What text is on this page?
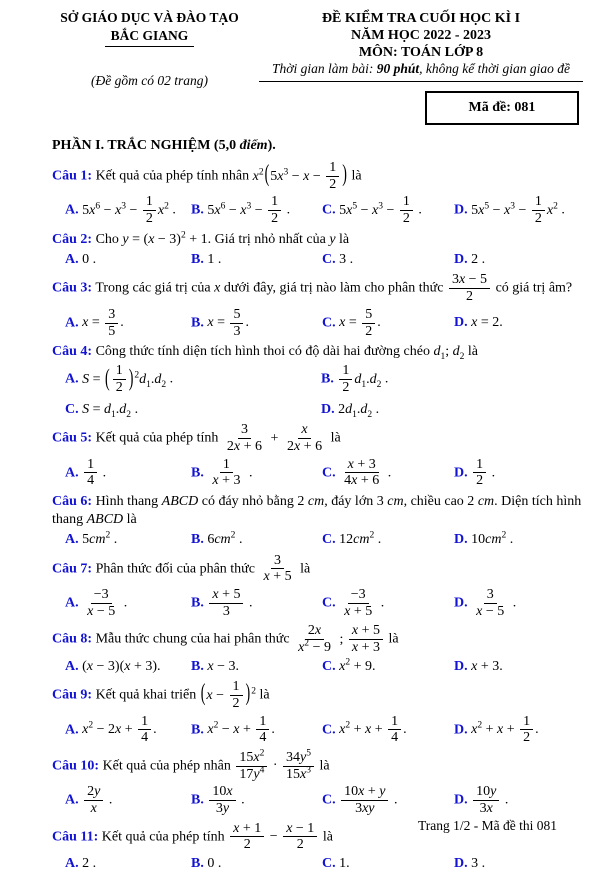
SỞ GIÁO DỤC VÀ ĐÀO TẠO
BẮC GIANG
(Đề gồm có 02 trang)
ĐỀ KIỂM TRA CUỐI HỌC KÌ I
NĂM HỌC 2022 - 2023
MÔN: TOÁN LỚP 8
Thời gian làm bài: 90 phút, không kể thời gian giao đề
Mã đề: 081
PHẦN I. TRẮC NGHIỆM (5,0 điểm).
Câu 1: Kết quả của phép tính nhân $x^2(5x^3 - x - \frac{1}{2}$ ) là
A. $5x^6 - x^3 - \frac{1}{2} x^2$ .	B. $5x^6 - x^3 - \frac{1}{2}$ .	C. $5x^5 - x^3 - \frac{1}{2}$ .	D. $5x^5 - x^3 - \frac{1}{2} x^2$ .
Câu 2: Cho $y = (x - 3)^2 + 1$. Giá trị nhỏ nhất của y là
A. 0 .	B. 1 .	C. 3 .	D. 2 .
Câu 3: Trong các giá trị của x dưới đây, giá trị nào làm cho phân thức $\frac{3x - 5}{2}$ có giá trị âm?
A. $x = \frac{3}{5}$ .	B. $x = \frac{5}{3}$ .	C. $x = \frac{5}{2}$ .	D. x = 2.
Câu 4: Công thức tính diện tích hình thoi có độ dài hai đường chéo $d_1$; $d_2$ là
A. S = ( $\frac{1}{2} )^2d_1.d_2$ .	B. $\frac{1}{2} d_1.d_2$ .
C. $S = d_1.d_2$ .	D. $2d_1.d_2$ .
Câu 5: Kết quả của phép tính $\frac{3}{2x + 6} + \frac{x}{2x + 6}$ là
A. $\frac{1}{4}$ .	B. $\frac{1}{x + 3}$ .	C. $\frac{x + 3}{4x + 6}$ .	D. $\frac{1}{2}$ .
Câu 6: Hình thang ABCD có đáy nhỏ bằng 2 cm, đáy lớn 3 cm, chiều cao 2 cm. Diện tích hình thang ABCD là
A. $5cm^2$ .	B. $6cm^2$ .	C. $12cm^2$ .	D. $10cm^2$ .
Câu 7: Phân thức đối của phân thức $\frac{3}{x + 5}$ là
A. $\frac{-3}{x - 5}$ .	B. $\frac{x + 5}{3}$ .	C. $\frac{-3}{x + 5}$ .	D. $\frac{3}{x - 5}$ .
Câu 8: Mẫu thức chung của hai phân thức $\frac{2x}{x^2 - 9}$ ; $\frac{x + 5}{x + 3}$ là
A. (x − 3)(x + 3).	B. x − 3.	C. $x^2 + 9$.	D. x + 3.
Câu 9: Kết quả khai triển $(x - \frac{1}{2} )^2$ là
A. $x^2 - 2x + \frac{1}{4}$ .	B. $x^2 - x + \frac{1}{4}$ .	C. $x^2 + x + \frac{1}{4}$ .	D. $x^2 + x + \frac{1}{2}$ .
Câu 10: Kết quả của phép nhân $\frac{15x^2}{17y^4} \cdot \frac{34y^5}{15x^3}$ là
A. $\frac{2y}{x}$ .	B. $\frac{10x}{3y}$ .	C. $\frac{10x + y}{3xy}$ .	D. $\frac{10y}{3x}$ .
Câu 11: Kết quả của phép tính $\frac{x + 1}{2} - \frac{x - 1}{2}$ là
A. 2 .	B. 0 .	C. 1.	D. 3 .
Trang 1/2 - Mã đề thi 081
